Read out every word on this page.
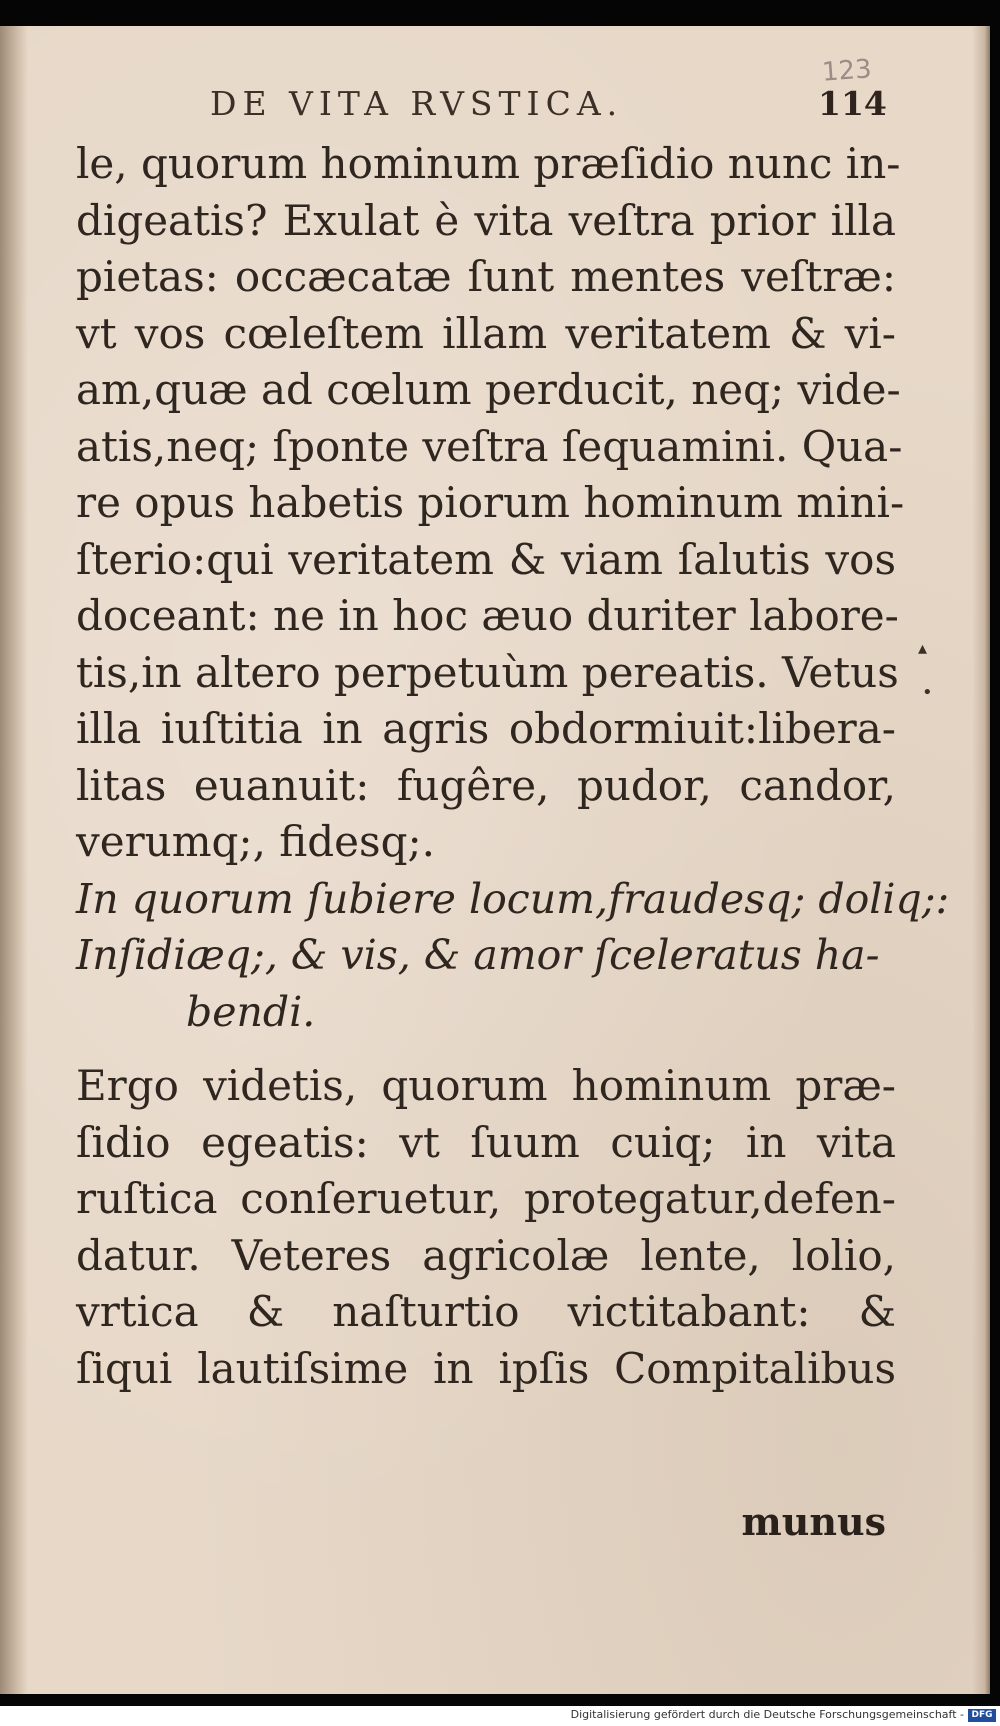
123
DE VITA RVSTICA.	114
le, quorum hominum præſidio nunc in-
digeatis? Exulat è vita veſtra prior illa
pietas: occæcatæ ſunt mentes veſtræ:
vt vos cœleſtem illam veritatem & vi-
am,quæ ad cœlum perducit, neq; vide-
atis,neq; ſponte veſtra ſequamini. Qua-
re opus habetis piorum hominum mini-
ſterio:qui veritatem & viam ſalutis vos
doceant: ne in hoc æuo duriter labore-
tis,in altero perpetuùm pereatis. Vetus
illa iuſtitia in agris obdormiuit:libera-
litas euanuit: fugêre, pudor, candor,
verumq;, fidesq;.
In quorum ſubiere locum,fraudesq; doliq;:
Inſidiæq;, & vis, & amor ſceleratus ha-
bendi.
Ergo videtis, quorum hominum præ-
ſidio egeatis: vt ſuum cuiq; in vita
ruſtica conſeruetur, protegatur,defen-
datur. Veteres agricolæ lente, lolio,
vrtica & naſturtio victitabant: &
ſiqui lautiſsime in ipſis Compitalibus
▴
•
munus
Digitalisierung gefördert durch die Deutsche Forschungsgemeinschaft - DFG
